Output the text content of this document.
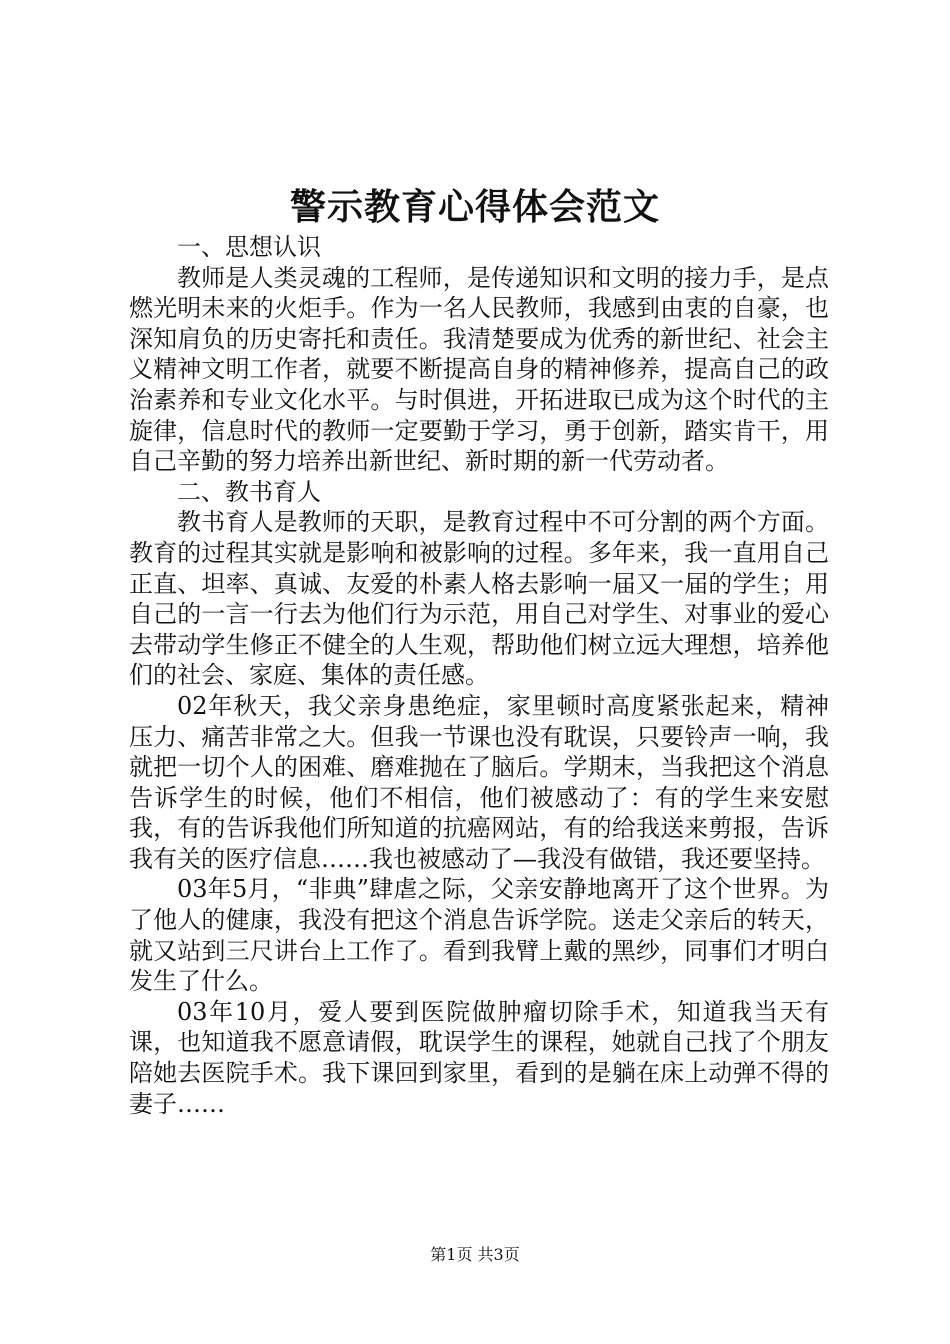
警示教育心得体会范文

一、思想认识

教师是人类灵魂的工程师，是传递知识和文明的接力手，是点燃光明未来的火炬手。作为一名人民教师，我感到由衷的自豪，也深知肩负的历史寄托和责任。我清楚要成为优秀的新世纪、社会主义精神文明工作者，就要不断提高自身的精神修养，提高自己的政治素养和专业文化水平。与时俱进，开拓进取已成为这个时代的主旋律，信息时代的教师一定要勤于学习，勇于创新，踏实肯干，用自己辛勤的努力培养出新世纪、新时期的新一代劳动者。

二、教书育人

教书育人是教师的天职，是教育过程中不可分割的两个方面。教育的过程其实就是影响和被影响的过程。多年来，我一直用自己正直、坦率、真诚、友爱的朴素人格去影响一届又一届的学生；用自己的一言一行去为他们行为示范，用自己对学生、对事业的爱心去带动学生修正不健全的人生观，帮助他们树立远大理想，培养他们的社会、家庭、集体的责任感。

02年秋天，我父亲身患绝症，家里顿时高度紧张起来，精神压力、痛苦非常之大。但我一节课也没有耽误，只要铃声一响，我就把一切个人的困难、磨难抛在了脑后。学期末，当我把这个消息告诉学生的时候，他们不相信，他们被感动了：有的学生来安慰我，有的告诉我他们所知道的抗癌网站，有的给我送来剪报，告诉我有关的医疗信息……我也被感动了—我没有做错，我还要坚持。

03年5月，“非典”肆虐之际，父亲安静地离开了这个世界。为了他人的健康，我没有把这个消息告诉学院。送走父亲后的转天，就又站到三尺讲台上工作了。看到我臂上戴的黑纱，同事们才明白发生了什么。

03年10月，爱人要到医院做肿瘤切除手术，知道我当天有课，也知道我不愿意请假，耽误学生的课程，她就自己找了个朋友陪她去医院手术。我下课回到家里，看到的是躺在床上动弹不得的妻子……

第1页 共3页
